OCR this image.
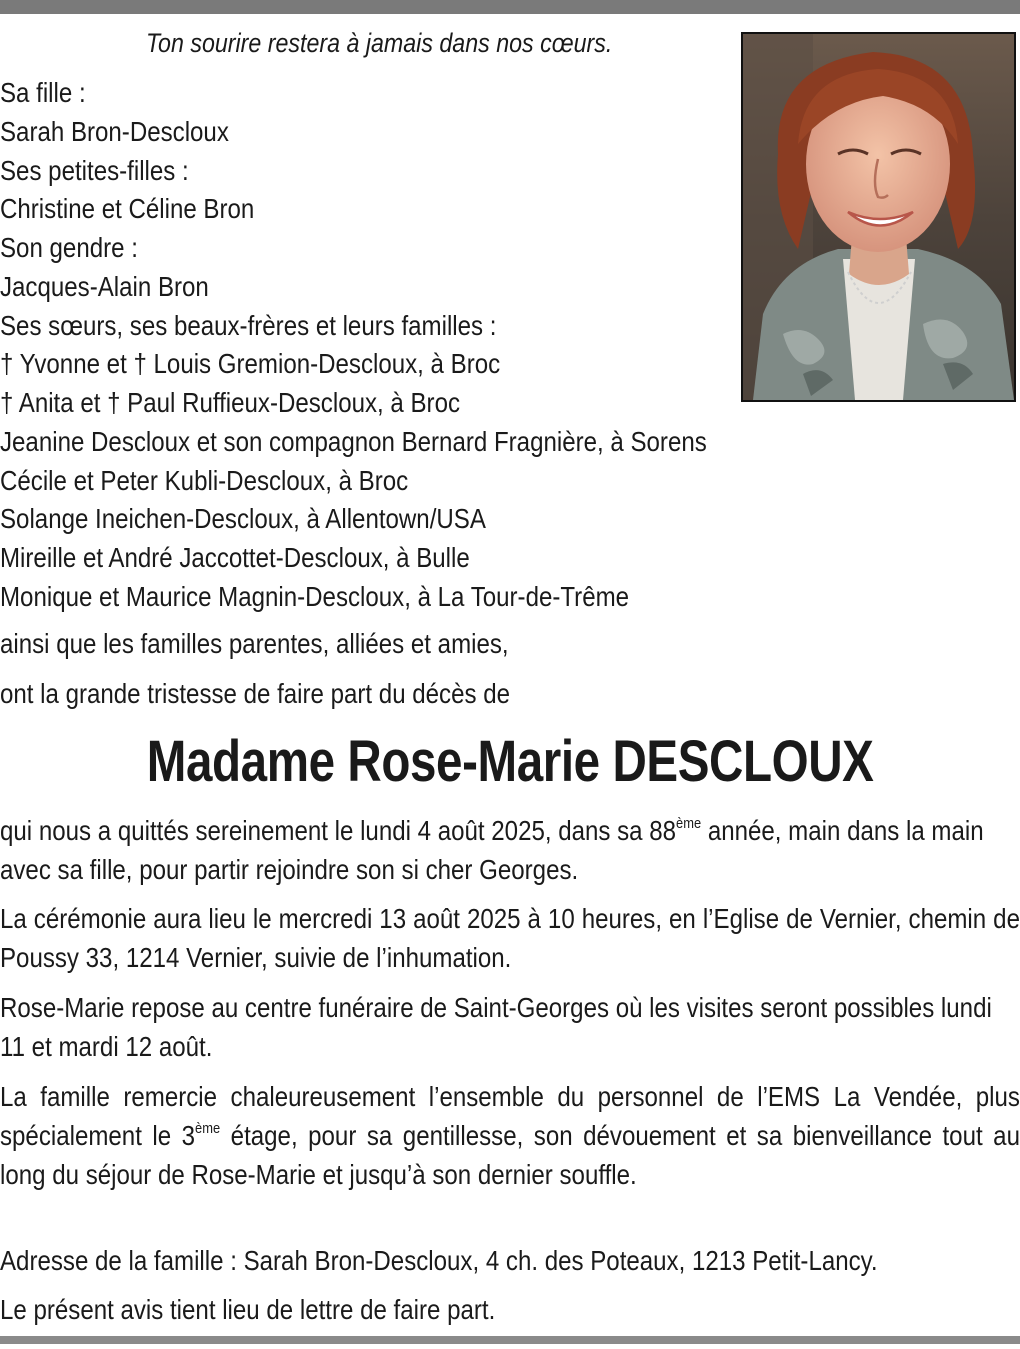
Ton sourire restera à jamais dans nos cœurs.
Sa fille :
Sarah Bron-Descloux
Ses petites-filles :
Christine et Céline Bron
Son gendre :
Jacques-Alain Bron
Ses sœurs, ses beaux-frères et leurs familles :
† Yvonne et † Louis Gremion-Descloux, à Broc
† Anita et † Paul Ruffieux-Descloux, à Broc
Jeanine Descloux et son compagnon Bernard Fragnière, à Sorens
Cécile et Peter Kubli-Descloux, à Broc
Solange Ineichen-Descloux, à Allentown/USA
Mireille et André Jaccottet-Descloux, à Bulle
Monique et Maurice Magnin-Descloux, à La Tour-de-Trême
ainsi que les familles parentes, alliées et amies,
ont la grande tristesse de faire part du décès de
Madame Rose-Marie DESCLOUX
qui nous a quittés sereinement le lundi 4 août 2025, dans sa 88ème année, main dans la main avec sa fille, pour partir rejoindre son si cher Georges.
La cérémonie aura lieu le mercredi 13 août 2025 à 10 heures, en l’Eglise de Vernier, chemin de Poussy 33, 1214 Vernier, suivie de l’inhumation.
Rose-Marie repose au centre funéraire de Saint-Georges où les visites seront possibles lundi 11 et mardi 12 août.
La famille remercie chaleureusement l’ensemble du personnel de l’EMS La Vendée, plus spécialement le 3ème étage, pour sa gentillesse, son dévouement et sa bienveillance tout au long du séjour de Rose-Marie et jusqu’à son dernier souffle.
Adresse de la famille : Sarah Bron-Descloux, 4 ch. des Poteaux, 1213 Petit-Lancy.
Le présent avis tient lieu de lettre de faire part.
